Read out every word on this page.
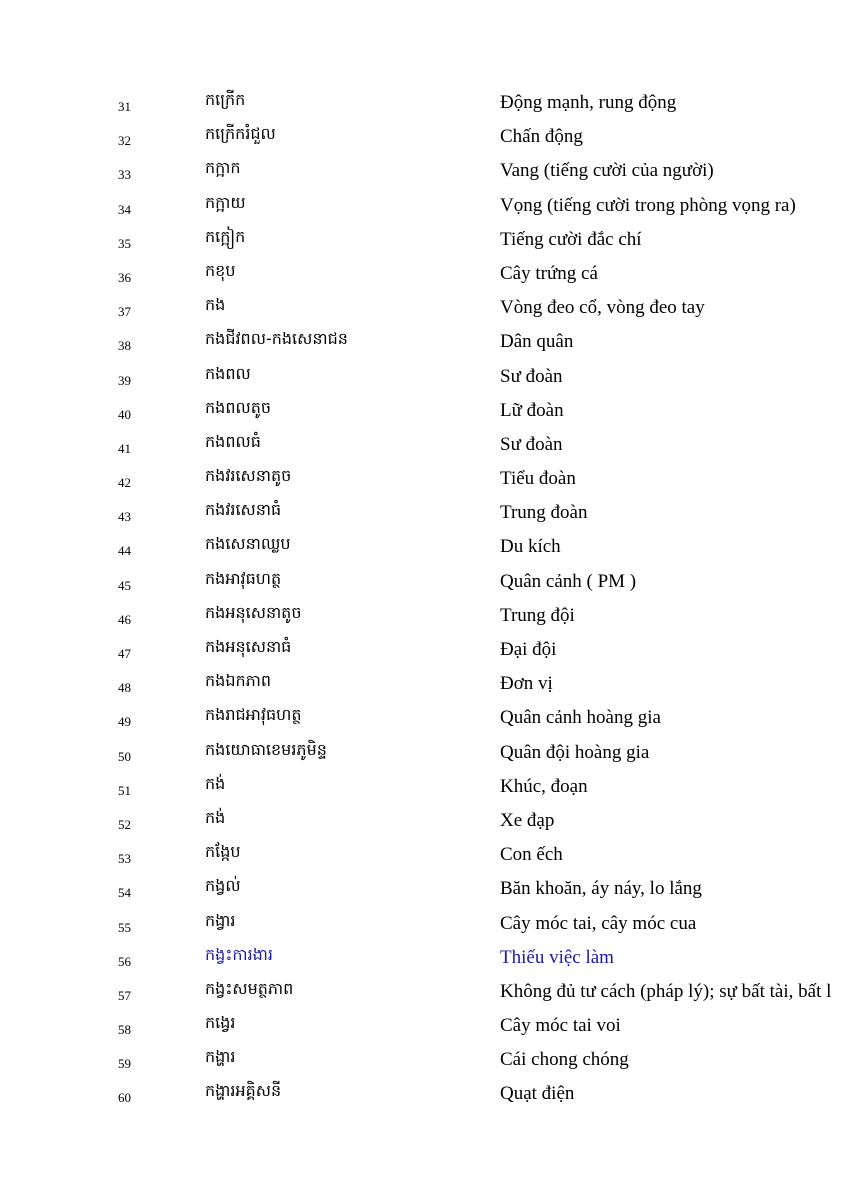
31	កក្រើក	Động mạnh, rung động
32	កក្រើករំជួល	Chấn động
33	កក្អាក	Vang (tiếng cười của người)
34	កក្អាយ	Vọng (tiếng cười trong phòng vọng ra)
35	កក្អៀក	Tiếng cười đắc chí
36	កខុប	Cây trứng cá
37	កង	Vòng đeo cổ, vòng đeo tay
38	កងជីវពល-កងសេនាជន	Dân quân
39	កងពល	Sư đoàn
40	កងពលតូច	Lữ đoàn
41	កងពលធំ	Sư đoàn
42	កងវរសេនាតូច	Tiểu đoàn
43	កងវរសេនាធំ	Trung đoàn
44	កងសេនាឈ្លប	Du kích
45	កងអាវុធហត្ថ	Quân cảnh ( PM )
46	កងអនុសេនាតូច	Trung đội
47	កងអនុសេនាធំ	Đại đội
48	កងឯកភាព	Đơn vị
49	កងរាជអាវុធហត្ថ	Quân cảnh hoàng gia
50	កងយោធាខេមរភូមិន្ទ	Quân đội hoàng gia
51	កង់	Khúc, đoạn
52	កង់	Xe đạp
53	កង្កែប	Con ếch
54	កង្វល់	Băn khoăn, áy náy, lo lắng
55	កង្វារ	Cây móc tai, cây móc cua
56	កង្វះការងារ	Thiếu việc làm
57	កង្វះសមត្ថភាព	Không đủ tư cách (pháp lý); sự bất tài, bất l
58	កង្វេរ	Cây móc tai voi
59	កង្ហារ	Cái chong chóng
60	កង្ហារអគ្គិសនី	Quạt điện
